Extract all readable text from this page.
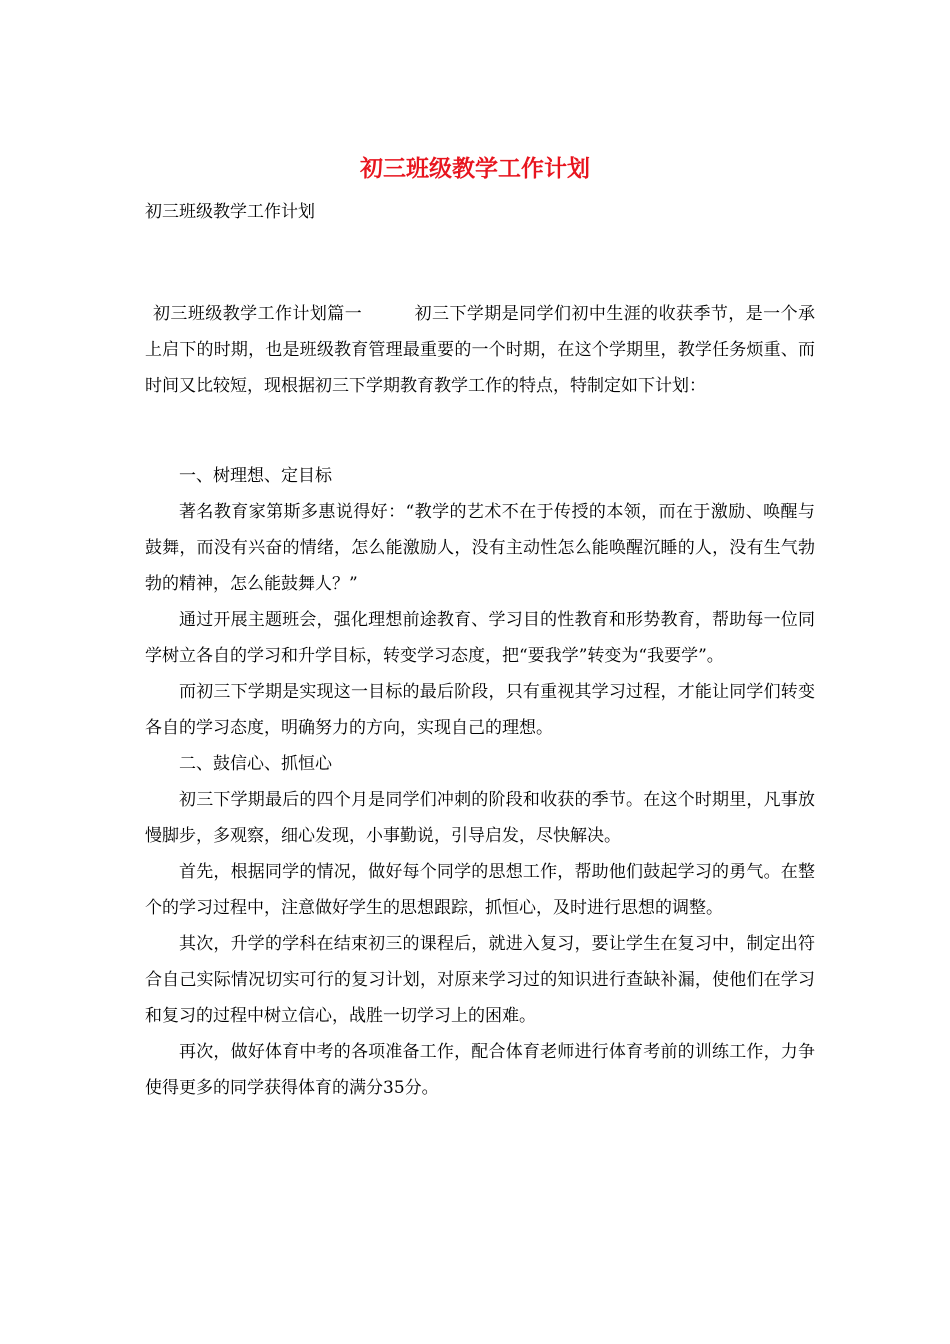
初三班级教学工作计划

初三班级教学工作计划

初三班级教学工作计划篇一	初三下学期是同学们初中生涯的收获季节，是一个承上启下的时期，也是班级教育管理最重要的一个时期，在这个学期里，教学任务烦重、而时间又比较短，现根据初三下学期教育教学工作的特点，特制定如下计划：

一、树理想、定目标

著名教育家第斯多惠说得好：“教学的艺术不在于传授的本领，而在于激励、唤醒与鼓舞，而没有兴奋的情绪，怎么能激励人，没有主动性怎么能唤醒沉睡的人，没有生气勃勃的精神，怎么能鼓舞人？”

通过开展主题班会，强化理想前途教育、学习目的性教育和形势教育，帮助每一位同学树立各自的学习和升学目标，转变学习态度，把“要我学”转变为“我要学”。

而初三下学期是实现这一目标的最后阶段，只有重视其学习过程，才能让同学们转变各自的学习态度，明确努力的方向，实现自己的理想。

二、鼓信心、抓恒心

初三下学期最后的四个月是同学们冲刺的阶段和收获的季节。在这个时期里，凡事放慢脚步，多观察，细心发现，小事勤说，引导启发，尽快解决。

首先，根据同学的情况，做好每个同学的思想工作，帮助他们鼓起学习的勇气。在整个的学习过程中，注意做好学生的思想跟踪，抓恒心，及时进行思想的调整。

其次，升学的学科在结束初三的课程后，就进入复习，要让学生在复习中，制定出符合自己实际情况切实可行的复习计划，对原来学习过的知识进行查缺补漏，使他们在学习和复习的过程中树立信心，战胜一切学习上的困难。

再次，做好体育中考的各项准备工作，配合体育老师进行体育考前的训练工作，力争使得更多的同学获得体育的满分35分。
